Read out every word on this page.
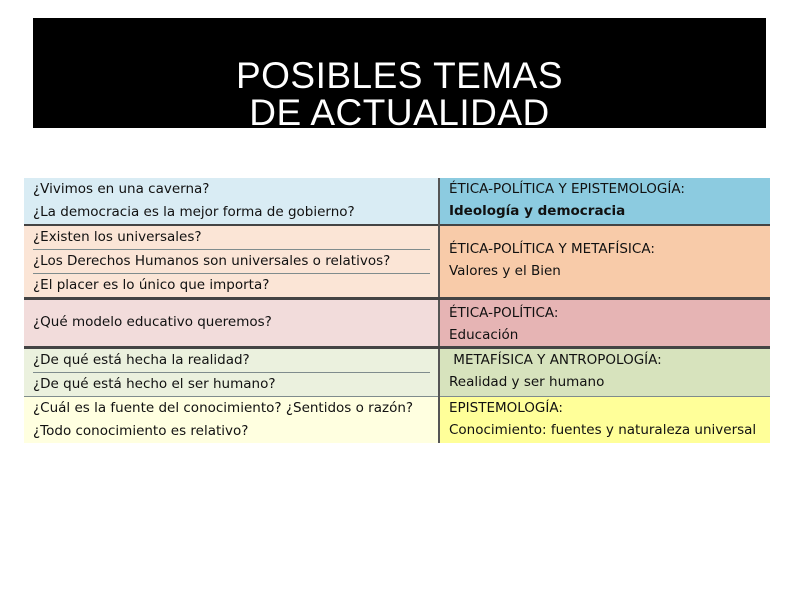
POSIBLES TEMAS
DE ACTUALIDAD
¿Vivimos en una caverna?
¿La democracia es la mejor forma de gobierno?	ÉTICA-POLÍTICA Y EPISTEMOLOGÍA:
Ideología y democracia

¿Existen los universales?
¿Los Derechos Humanos son universales o relativos?
¿El placer es lo único que importa?	ÉTICA-POLÍTICA Y METAFÍSICA:
Valores y el Bien

¿Qué modelo educativo queremos?	ÉTICA-POLÍTICA:
Educación

¿De qué está hecha la realidad?
¿De qué está hecho el ser humano?	METAFÍSICA Y ANTROPOLOGÍA:
Realidad y ser humano

¿Cuál es la fuente del conocimiento? ¿Sentidos o razón?
¿Todo conocimiento es relativo?	EPISTEMOLOGÍA:
Conocimiento: fuentes y naturaleza universal
